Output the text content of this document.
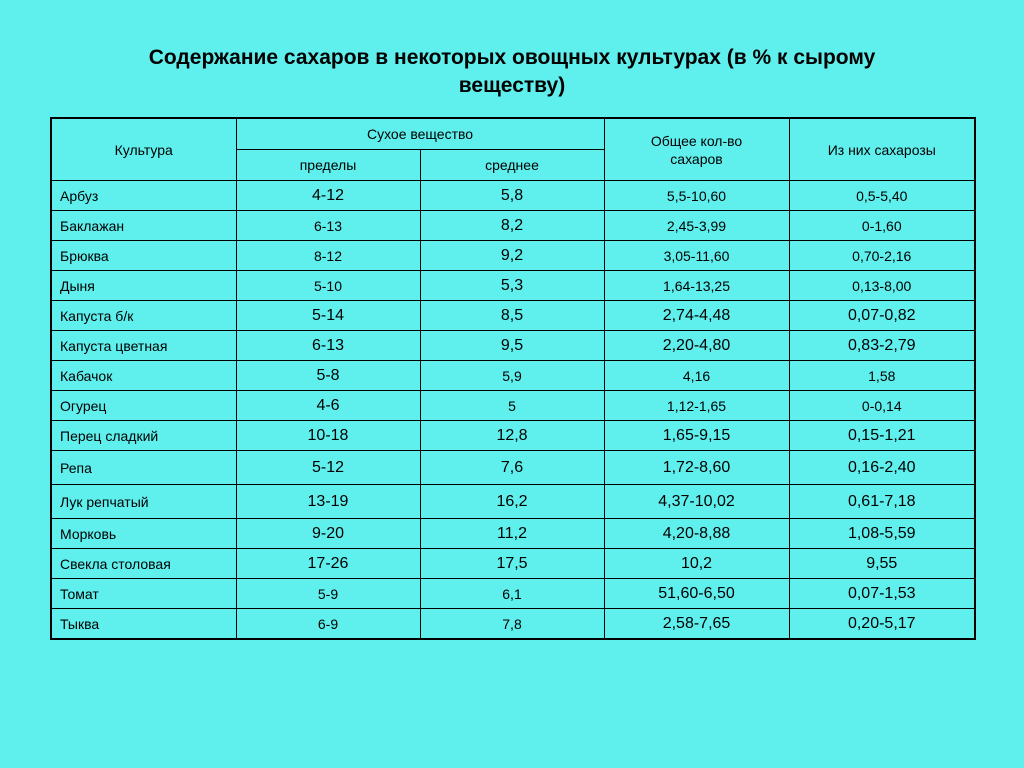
Содержание сахаров в некоторых овощных культурах (в % к сырому
веществу)
Культура	Сухое вещество		Общее кол-во сахаров	Из них сахарозы
	пределы	среднее		
Арбуз	4-12	5,8	5,5-10,60	0,5-5,40
Баклажан	6-13	8,2	2,45-3,99	0-1,60
Брюква	8-12	9,2	3,05-11,60	0,70-2,16
Дыня	5-10	5,3	1,64-13,25	0,13-8,00
Капуста б/к	5-14	8,5	2,74-4,48	0,07-0,82
Капуста цветная	6-13	9,5	2,20-4,80	0,83-2,79
Кабачок	5-8	5,9	4,16	1,58
Огурец	4-6	5	1,12-1,65	0-0,14
Перец сладкий	10-18	12,8	1,65-9,15	0,15-1,21
Репа	5-12	7,6	1,72-8,60	0,16-2,40
Лук репчатый	13-19	16,2	4,37-10,02	0,61-7,18
Морковь	9-20	11,2	4,20-8,88	1,08-5,59
Свекла столовая	17-26	17,5	10,2	9,55
Томат	5-9	6,1	51,60-6,50	0,07-1,53
Тыква	6-9	7,8	2,58-7,65	0,20-5,17
